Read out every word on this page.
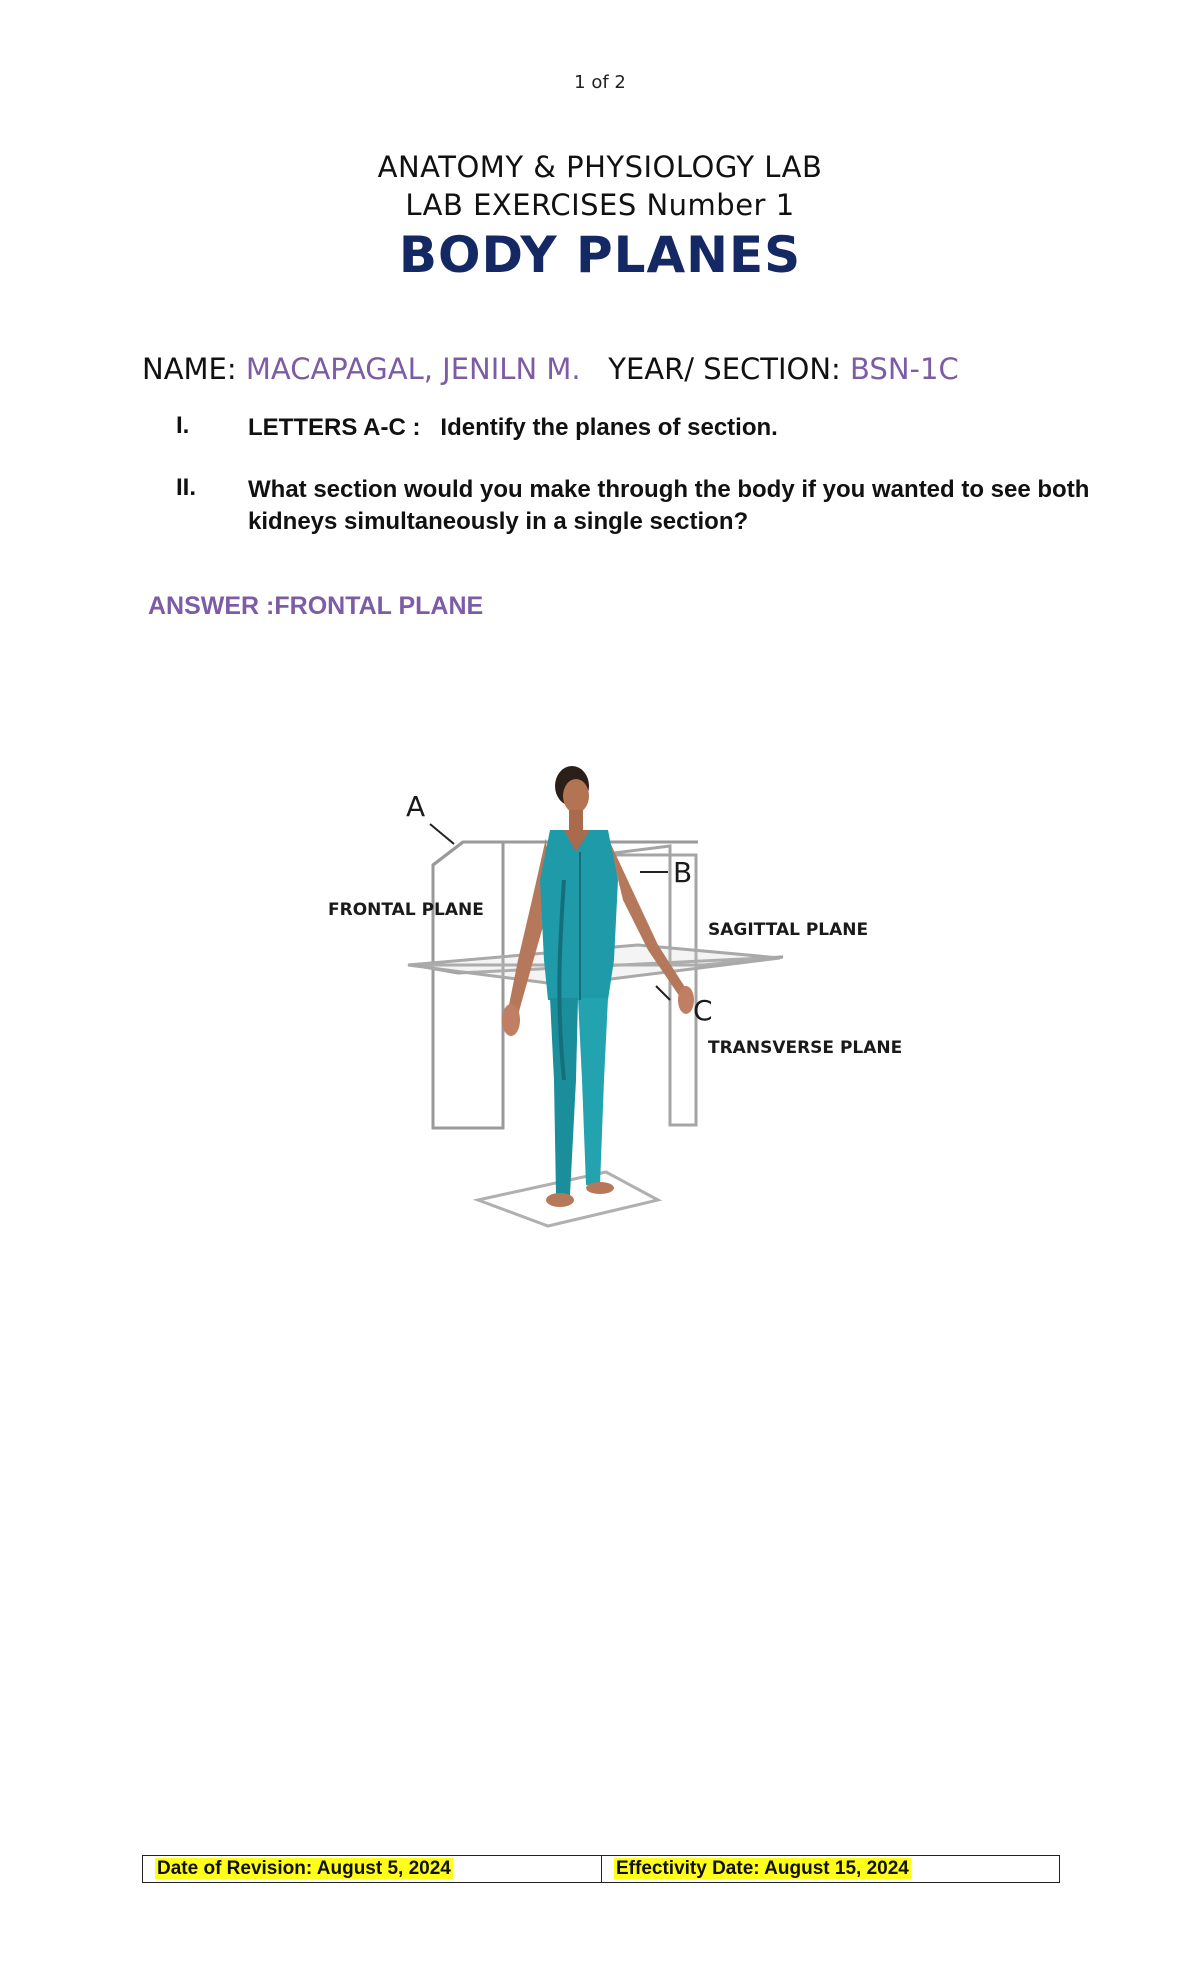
1 of 2
ANATOMY & PHYSIOLOGY LAB
LAB EXERCISES Number 1
BODY PLANES
NAME: MACAPAGAL, JENILN M. YEAR/ SECTION: BSN-1C
I. LETTERS A-C :   Identify the planes of section.
II. What section would you make through the body if you wanted to see both kidneys simultaneously in a single section?
ANSWER :FRONTAL PLANE
A
B
C
FRONTAL PLANE
SAGITTAL PLANE
TRANSVERSE PLANE
Date of Revision: August 5, 2024	Effectivity Date: August 15, 2024
